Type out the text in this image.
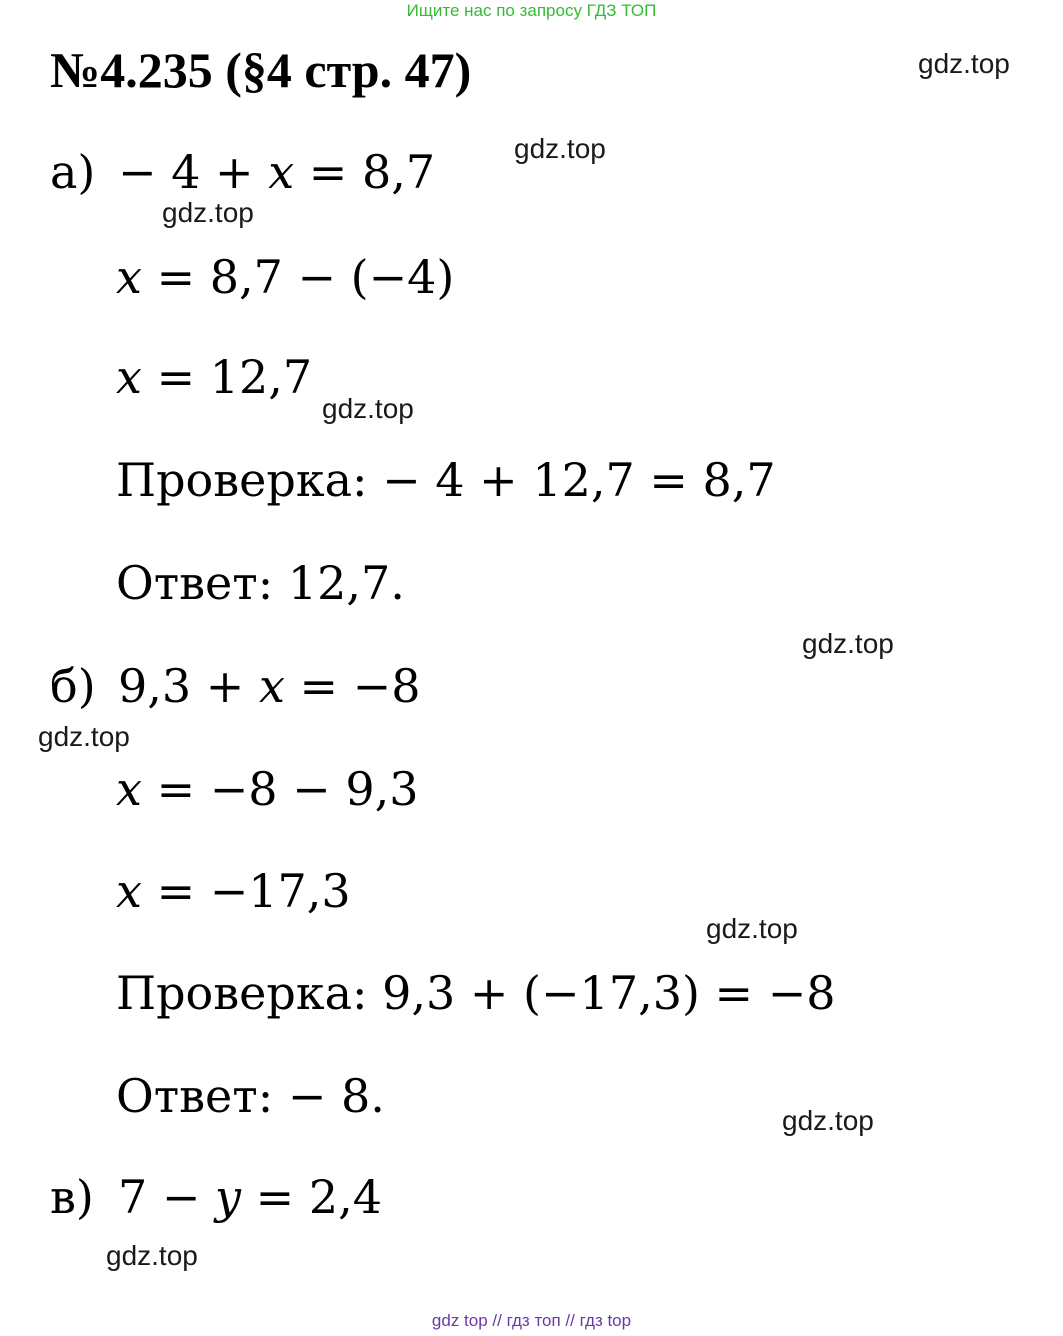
Ищите нас по запросу ГДЗ ТОП
№4.235 (§4 стр. 47)
а) − 4 + 𝑥 = 8,7
𝑥 = 8,7 − (−4)
𝑥 = 12,7
Проверка: − 4 + 12,7 = 8,7
Ответ: 12,7.
б) 9,3 + 𝑥 = −8
𝑥 = −8 − 9,3
𝑥 = −17,3
Проверка: 9,3 + (−17,3) = −8
Ответ: − 8.
в) 7 − 𝑦 = 2,4
gdz.top
gdz.top
gdz.top
gdz.top
gdz.top
gdz.top
gdz.top
gdz.top
gdz.top
gdz top // гдз топ // гдз top
